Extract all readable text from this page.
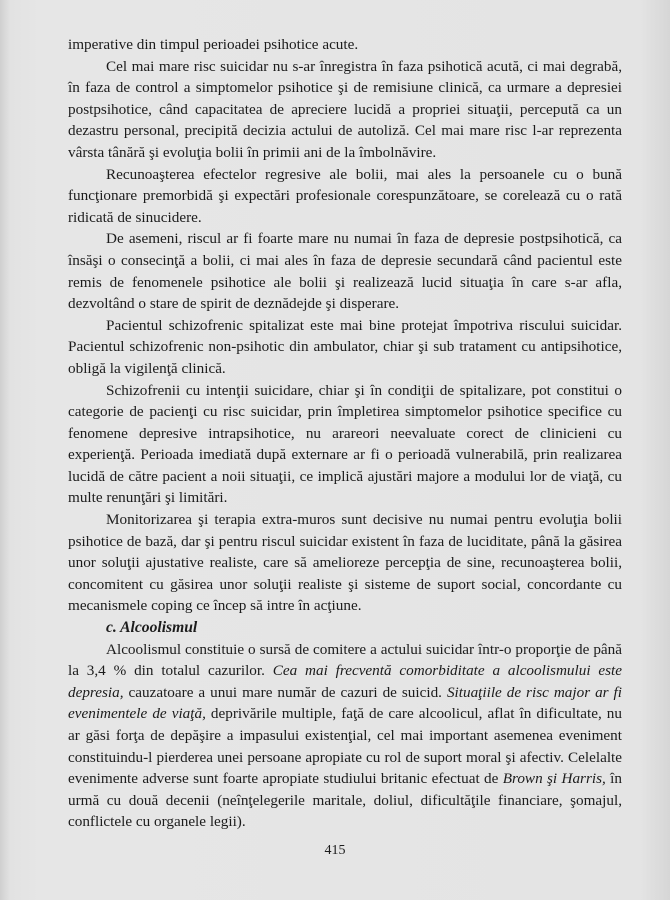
imperative din timpul perioadei psihotice acute.

Cel mai mare risc suicidar nu s-ar înregistra în faza psihotică acută, ci mai degrabă, în faza de control a simptomelor psihotice şi de remisiune clinică, ca urmare a depresiei postpsihotice, când capacitatea de apreciere lucidă a propriei situaţii, percepută ca un dezastru personal, precipită decizia actului de autoliză. Cel mai mare risc l-ar reprezenta vârsta tânără şi evoluţia bolii în primii ani de la îmbolnăvire.

Recunoaşterea efectelor regresive ale bolii, mai ales la persoanele cu o bună funcţionare premorbidă şi expectări profesionale corespunzătoare, se corelează cu o rată ridicată de sinucidere.

De asemeni, riscul ar fi foarte mare nu numai în faza de depresie postpsihotică, ca însăşi o consecinţă a bolii, ci mai ales în faza de depresie secundară când pacientul este remis de fenomenele psihotice ale bolii şi realizează lucid situaţia în care s-ar afla, dezvoltând o stare de spirit de deznădejde şi disperare.

Pacientul schizofrenic spitalizat este mai bine protejat împotriva riscului suicidar. Pacientul schizofrenic non-psihotic din ambulator, chiar şi sub tratament cu antipsihotice, obligă la vigilenţă clinică.

Schizofrenii cu intenţii suicidare, chiar şi în condiţii de spitalizare, pot constitui o categorie de pacienţi cu risc suicidar, prin împletirea simptomelor psihotice specifice cu fenomene depresive intrapsihotice, nu arareori neevaluate corect de clinicieni cu experienţă. Perioada imediată după externare ar fi o perioadă vulnerabilă, prin realizarea lucidă de către pacient a noii situaţii, ce implică ajustări majore a modului lor de viaţă, cu multe renunţări şi limitări.

Monitorizarea şi terapia extra-muros sunt decisive nu numai pentru evoluţia bolii psihotice de bază, dar şi pentru riscul suicidar existent în faza de luciditate, până la găsirea unor soluţii ajustative realiste, care să amelioreze percepţia de sine, recunoaşterea bolii, concomitent cu găsirea unor soluţii realiste şi sisteme de suport social, concordante cu mecanismele coping ce încep să intre în acţiune.

c. Alcoolismul

Alcoolismul constituie o sursă de comitere a actului suicidar într-o proporţie de până la 3,4 % din totalul cazurilor. Cea mai frecventă comorbiditate a alcoolismului este depresia, cauzatoare a unui mare număr de cazuri de suicid. Situaţiile de risc major ar fi evenimentele de viaţă, deprivările multiple, faţă de care alcoolicul, aflat în dificultate, nu ar găsi forţa de depăşire a impasului existenţial, cel mai important asemenea eveniment constituindu-l pierderea unei persoane apropiate cu rol de suport moral şi afectiv. Celelalte evenimente adverse sunt foarte apropiate studiului britanic efectuat de Brown şi Harris, în urmă cu două decenii (neînţelegerile maritale, doliul, dificultăţile financiare, şomajul, conflictele cu organele legii).

415
